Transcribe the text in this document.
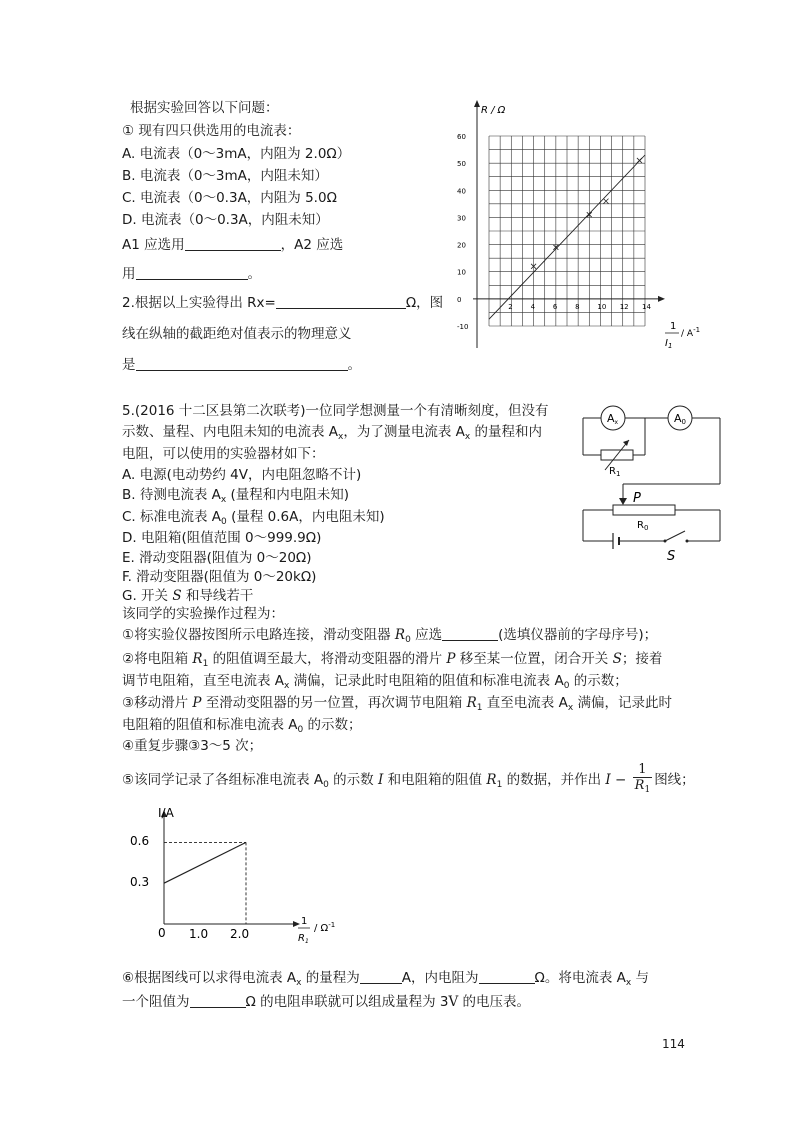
根据实验回答以下问题：
① 现有四只供选用的电流表：
A. 电流表（0～3mA，内阻为 2.0Ω）
B. 电流表（0～3mA，内阻未知）
C. 电流表（0～0.3A，内阻为 5.0Ω
D. 电流表（0～0.3A，内阻未知）
A1 应选用	，A2 应选
用	。
2.根据以上实验得出 Rx=	Ω，图
线在纵轴的截距绝对值表示的物理意义
是	。
60
50
40
30
20
10
0
-10
2	4	6	8	10 12 14
R / Ω
1
$I_1$
/ $A^{-1}$
5.(2016 十二区县第二次联考)一位同学想测量一个有清晰刻度，但没有
示数、量程、内电阻未知的电流表 $A_x$，为了测量电流表 $A_x$ 的量程和内
电阻，可以使用的实验器材如下：
A. 电源(电动势约 4V，内电阻忽略不计)
B. 待测电流表 $A_x$ (量程和内电阻未知)
C. 标准电流表 $A_0$ (量程 0.6A，内电阻未知)
D. 电阻箱(阻值范围 0～999.9Ω)
E. 滑动变阻器(阻值为 0～20Ω)
F. 滑动变阻器(阻值为 0～20kΩ)
G. 开关 S 和导线若干
该同学的实验操作过程为：
①将实验仪器按图所示电路连接，滑动变阻器 $R_0$ 应选	(选填仪器前的字母序号)；
②将电阻箱 $R_1$ 的阻值调至最大，将滑动变阻器的滑片 P 移至某一位置，闭合开关 S；接着
调节电阻箱，直至电流表 $A_x$ 满偏，记录此时电阻箱的阻值和标准电流表 $A_0$ 的示数；
③移动滑片 P 至滑动变阻器的另一位置，再次调节电阻箱 $R_1$ 直至电流表 $A_x$ 满偏，记录此时
电阻箱的阻值和标准电流表 $A_0$ 的示数；
④重复步骤③3～5 次；
⑤该同学记录了各组标准电流表 $A_0$ 的示数 I 和电阻箱的阻值 $R_1$ 的数据，并作出 $I - \frac{1}{R_1}$ 图线；
⑥根据图线可以求得电流表 $A_x$ 的量程为	A，内电阻为	Ω。将电流表 $A_x$ 与
一个阻值为	Ω 的电阻串联就可以组成量程为 3V 的电压表。
Ax	A0
$R_1$
P
$R_0$
S
I/A
0.6
0.3
0 1.0 2.0
1
$R_1$
/ $\Omega^{-1}$
114
